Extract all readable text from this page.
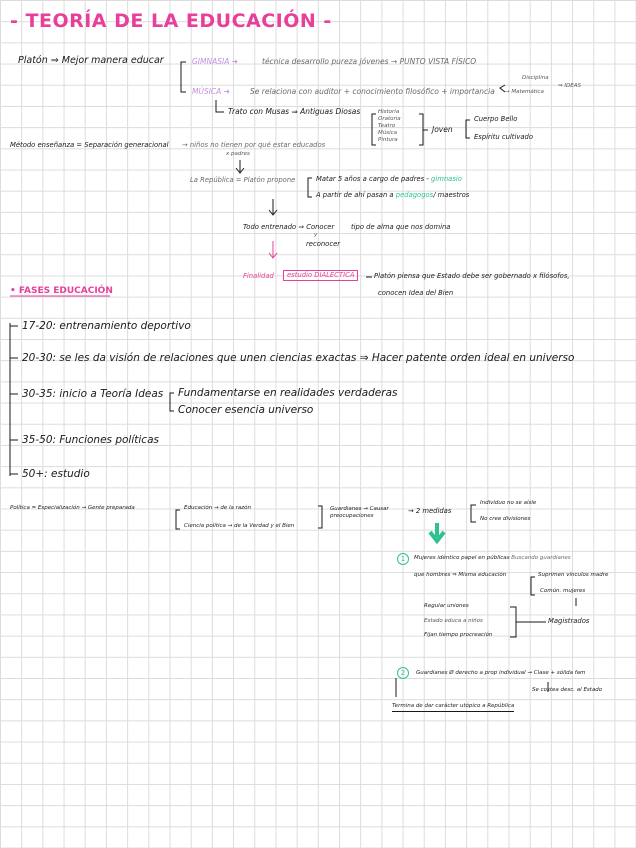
- TEORÍA DE LA EDUCACIÓN -
Platón ⇒ Mejor manera educar	GIMNASIA ➜	técnica desarrollo pureza jóvenes → PUNTO VISTA FÍSICO
MÚSICA ➜	Se relaciona con auditor + conocimiento filosófico + importancia
Disciplina
→ Matemática
⇒ IDEAS
Trato con Musas ⇒ Antiguas Diosas	Historia
Oratoria
Teatro
Música
Pintura
Joven
Cuerpo Bello
Espíritu cultivado
Método enseñanza = Separación generacional → niños no tienen por qué estar educados
x padres
La República = Platón propone	Matar 5 años a cargo de padres - gimnasio
A partir de ahí pasan a pedagogos/ maestros
Todo entrenado ⇒ Conocer tipo de alma que nos domina
y
reconocer
Finalidad	estudio DIALÉCTICA	Platón piensa que Estado debe ser gobernado x filósofos,
conocen Idea del Bien
• FASES EDUCACIÓN
17-20: entrenamiento deportivo
20-30: se les da visión de relaciones que unen ciencias exactas ⇒ Hacer patente orden ideal en universo
30-35: inicio a Teoría Ideas Fundamentarse en realidades verdaderas
Conocer esencia universo
35-50: Funciones políticas
50+: estudio
Política = Especialización → Gente preparada	Educación → de la razón
Ciencia política → de la Verdad y el Bien
Guardianes → Causar preocupaciones
→ 2 medidas
Individuo no se aísle
No cree divisiones
1	Mujeres idéntico papel en públicas Buscando guardianes
que hombres ⇒ Misma educación	Suprimen vínculos madre
Común. mujeres
Regular uniones
Estado educa a niños
Fijan tiempo procreación
Magistrados
2	Guardianes Ø derecho a prop individual → Clase + sólida fam
Se costea desc. al Estado
Termina de dar carácter utópico a República
